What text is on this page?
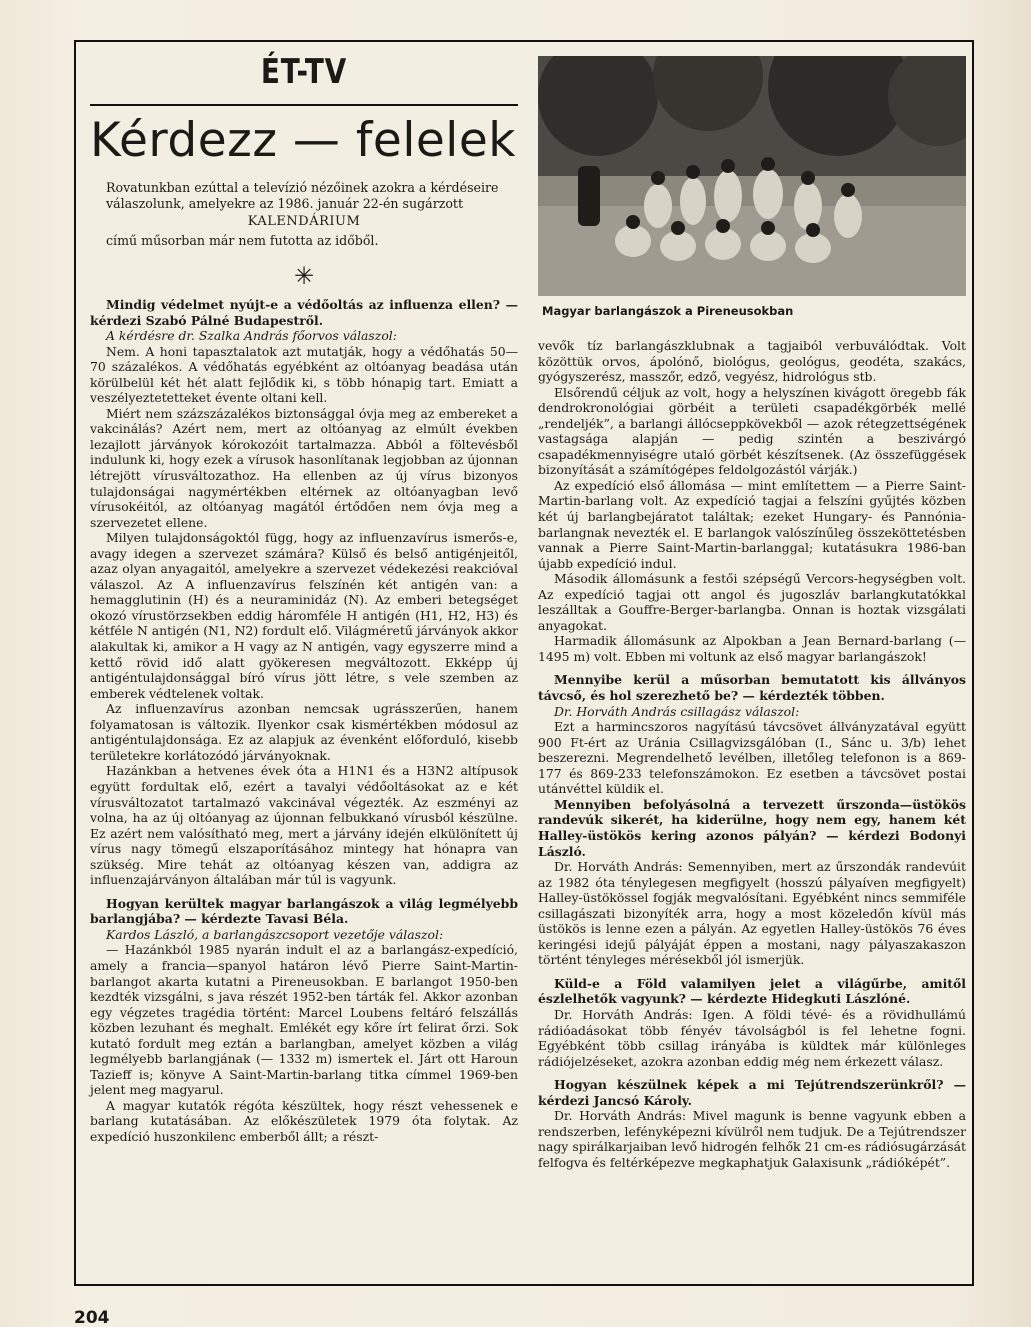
ÉT-TV
Kérdezz — felelek
Rovatunkban ezúttal a televízió nézőinek azokra a kérdéseire válaszolunk, amelyekre az 1986. január 22-én sugárzott
KALENDÁRIUM
című műsorban már nem futotta az időből.
✳

Mindig védelmet nyújt-e a védőoltás az influenza ellen? — kérdezi Szabó Pálné Budapestről.

A kérdésre dr. Szalka András főorvos válaszol:

Nem. A honi tapasztalatok azt mutatják, hogy a védőhatás 50—70 százalékos. A védőhatás egyébként az oltóanyag beadása után körülbelül két hét alatt fejlődik ki, s több hónapig tart. Emiatt a veszélyeztetetteket évente oltani kell.

Miért nem százszázalékos biztonsággal óvja meg az embereket a vakcinálás? Azért nem, mert az oltóanyag az elmúlt években lezajlott járványok kórokozóit tartalmazza. Abból a föltevésből indulunk ki, hogy ezek a vírusok hasonlítanak legjobban az újonnan létrejött vírusváltozathoz. Ha ellenben az új vírus bizonyos tulajdonságai nagymértékben eltérnek az oltóanyagban levő vírusokéitól, az oltóanyag magától értődően nem óvja meg a szervezetet ellene.

Milyen tulajdonságoktól függ, hogy az influenzavírus ismerős-e, avagy idegen a szervezet számára? Külső és belső antigénjeitől, azaz olyan anyagaitól, amelyekre a szervezet védekezési reakcióval válaszol. Az A influenzavírus felszínén két antigén van: a hemagglutinin (H) és a neuraminidáz (N). Az emberi betegséget okozó vírustörzsekben eddig háromféle H antigén (H1, H2, H3) és kétféle N antigén (N1, N2) fordult elő. Világméretű járványok akkor alakultak ki, amikor a H vagy az N antigén, vagy egyszerre mind a kettő rövid idő alatt gyökeresen megváltozott. Ekképp új antigéntulajdonsággal bíró vírus jött létre, s vele szemben az emberek védtelenek voltak.

Az influenzavírus azonban nemcsak ugrásszerűen, hanem folyamatosan is változik. Ilyenkor csak kismértékben módosul az antigéntulajdonsága. Ez az alapjuk az évenként előforduló, kisebb területekre korlátozódó járványoknak.

Hazánkban a hetvenes évek óta a H1N1 és a H3N2 altípusok együtt fordultak elő, ezért a tavalyi védőoltásokat az e két vírusváltozatot tartalmazó vakcinával végezték. Az eszményi az volna, ha az új oltóanyag az újonnan felbukkanó vírusból készülne. Ez azért nem valósítható meg, mert a járvány idején elkülönített új vírus nagy tömegű elszaporításához mintegy hat hónapra van szükség. Mire tehát az oltóanyag készen van, addigra az influenzajárványon általában már túl is vagyunk.

Hogyan kerültek magyar barlangászok a világ legmélyebb barlangjába? — kérdezte Tavasi Béla.

Kardos László, a barlangászcsoport vezetője válaszol:

— Hazánkból 1985 nyarán indult el az a barlangász-expedíció, amely a francia—spanyol határon lévő Pierre Saint-Martin-barlangot akarta kutatni a Pireneusokban. E barlangot 1950-ben kezdték vizsgálni, s java részét 1952-ben tárták fel. Akkor azonban egy végzetes tragédia történt: Marcel Loubens feltáró felszállás közben lezuhant és meghalt. Emlékét egy kőre írt felirat őrzi. Sok kutató fordult meg eztán a barlangban, amelyet közben a világ legmélyebb barlangjának (— 1332 m) ismertek el. Járt ott Haroun Tazieff is; könyve A Saint-Martin-barlang titka címmel 1969-ben jelent meg magyarul.

A magyar kutatók régóta készültek, hogy részt vehessenek e barlang kutatásában. Az előkészületek 1979 óta folytak. Az expedíció huszonkilenc emberből állt; a részt-

Magyar barlangászok a Pireneusokban

vevők tíz barlangászklubnak a tagjaiból verbuválódtak. Volt közöttük orvos, ápolónő, biológus, geológus, geodéta, szakács, gyógyszerész, masszőr, edző, vegyész, hidrológus stb.

Elsőrendű céljuk az volt, hogy a helyszínen kivágott öregebb fák dendrokronológiai görbéit a területi csapadékgörbék mellé „rendeljék”, a barlangi állócseppkövekből — azok rétegzettségének vastagsága alapján — pedig szintén a beszivárgó csapadékmennyiségre utaló görbét készítsenek. (Az összefüggések bizonyítását a számítógépes feldolgozástól várják.)

Az expedíció első állomása — mint említettem — a Pierre Saint-Martin-barlang volt. Az expedíció tagjai a felszíni gyűjtés közben két új barlangbejáratot találtak; ezeket Hungary- és Pannónia-barlangnak nevezték el. E barlangok valószínűleg összeköttetésben vannak a Pierre Saint-Martin-barlanggal; kutatásukra 1986-ban újabb expedíció indul.

Második állomásunk a festői szépségű Vercors-hegységben volt. Az expedíció tagjai ott angol és jugoszláv barlangkutatókkal leszálltak a Gouffre-Berger-barlangba. Onnan is hoztak vizsgálati anyagokat.

Harmadik állomásunk az Alpokban a Jean Bernard-barlang (— 1495 m) volt. Ebben mi voltunk az első magyar barlangászok!

Mennyibe kerül a műsorban bemutatott kis állványos távcső, és hol szerezhető be? — kérdezték többen.

Dr. Horváth András csillagász válaszol:

Ezt a harmincszoros nagyítású távcsövet állványzatával együtt 900 Ft-ért az Uránia Csillagvizsgálóban (I., Sánc u. 3/b) lehet beszerezni. Megrendelhető levélben, illetőleg telefonon is a 869-177 és 869-233 telefonszámokon. Ez esetben a távcsövet postai utánvéttel küldik el.

Mennyiben befolyásolná a tervezett űrszonda—üstökös randevúk sikerét, ha kiderülne, hogy nem egy, hanem két Halley-üstökös kering azonos pályán? — kérdezi Bodonyi László.

Dr. Horváth András: Semennyiben, mert az űrszondák randevúit az 1982 óta ténylegesen megfigyelt (hosszú pályaíven megfigyelt) Halley-üstökössel fogják megvalósítani. Egyébként nincs semmiféle csillagászati bizonyíték arra, hogy a most közeledőn kívül más üstökös is lenne ezen a pályán. Az egyetlen Halley-üstökös 76 éves keringési idejű pályáját éppen a mostani, nagy pályaszakaszon történt tényleges mérésekből jól ismerjük.

Küld-e a Föld valamilyen jelet a világűrbe, amitől észlelhetők vagyunk? — kérdezte Hidegkuti Lászlóné.

Dr. Horváth András: Igen. A földi tévé- és a rövidhullámú rádióadásokat több fényév távolságból is fel lehetne fogni. Egyébként több csillag irányába is küldtek már különleges rádiójelzéseket, azokra azonban eddig még nem érkezett válasz.

Hogyan készülnek képek a mi Tejútrendszerünkről? — kérdezi Jancsó Károly.

Dr. Horváth András: Mivel magunk is benne vagyunk ebben a rendszerben, lefényképezni kívülről nem tudjuk. De a Tejútrendszer nagy spirálkarjaiban levő hidrogén felhők 21 cm-es rádiósugárzását felfogva és feltérképezve megkaphatjuk Galaxisunk „rádióképét”.

204
